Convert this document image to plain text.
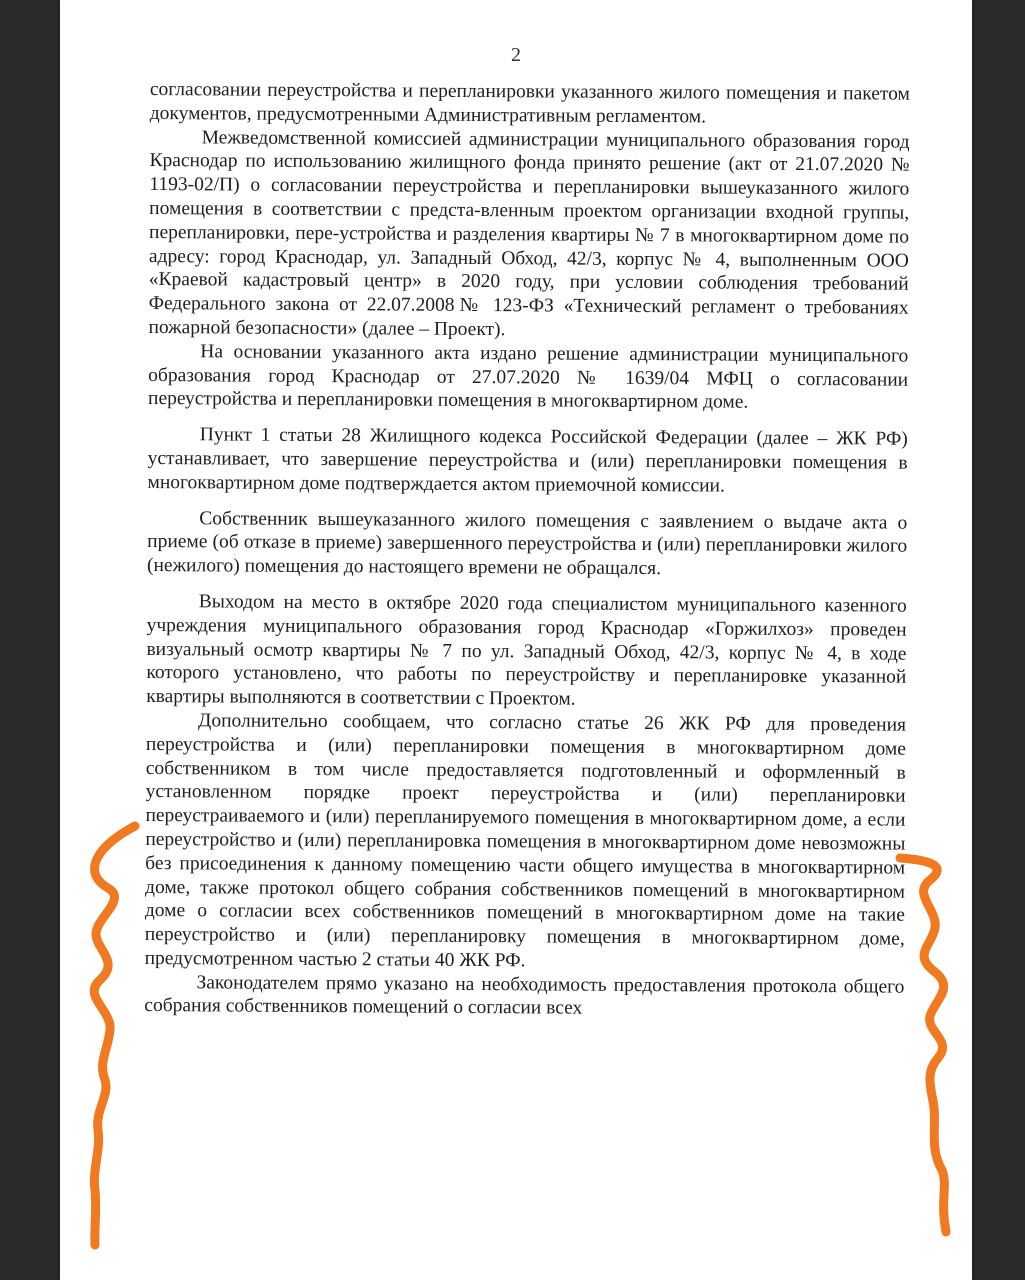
2

согласовании переустройства и перепланировки указанного жилого помещения и пакетом документов, предусмотренными Административным регламентом.

Межведомственной комиссией администрации муниципального образования город Краснодар по использованию жилищного фонда принято решение (акт от 21.07.2020 № 1193-02/П) о согласовании переустройства и перепланировки вышеуказанного жилого помещения в соответствии с предста-вленным проектом организации входной группы, перепланировки, пере-устройства и разделения квартиры № 7 в многоквартирном доме по адресу: город Краснодар, ул. Западный Обход, 42/3, корпус № 4, выполненным ООО «Краевой кадастровый центр» в 2020 году, при условии соблюдения требований Федерального закона от 22.07.2008№ 123-ФЗ «Технический регламент о требованиях пожарной безопасности» (далее – Проект).

На основании указанного акта издано решение администрации муниципального образования город Краснодар от 27.07.2020 № 1639/04 МФЦ о согласовании переустройства и перепланировки помещения в многоквартирном доме.

Пункт 1 статьи 28 Жилищного кодекса Российской Федерации (далее – ЖК РФ) устанавливает, что завершение переустройства и (или) перепланировки помещения в многоквартирном доме подтверждается актом приемочной комиссии.

Собственник вышеуказанного жилого помещения с заявлением о выдаче акта о приеме (об отказе в приеме) завершенного переустройства и (или) перепланировки жилого (нежилого) помещения до настоящего времени не обращался.

Выходом на место в октябре 2020 года специалистом муниципального казенного учреждения муниципального образования город Краснодар «Горжилхоз» проведен визуальный осмотр квартиры № 7 по ул. Западный Обход, 42/3, корпус № 4, в ходе которого установлено, что работы по переустройству и перепланировке указанной квартиры выполняются в соответствии с Проектом.

Дополнительно сообщаем, что согласно статье 26 ЖК РФ для проведения переустройства и (или) перепланировки помещения в многоквартирном доме собственником в том числе предоставляется подготовленный и оформленный в установленном порядке проект переустройства и (или) перепланировки переустраиваемого и (или) перепланируемого помещения в многоквартирном доме, а если переустройство и (или) перепланировка помещения в многоквартирном доме невозможны без присоединения к данному помещению части общего имущества в многоквартирном доме, также протокол общего собрания собственников помещений в многоквартирном доме о согласии всех собственников помещений в многоквартирном доме на такие переустройство и (или) перепланировку помещения в многоквартирном доме, предусмотренном частью 2 статьи 40 ЖК РФ.

Законодателем прямо указано на необходимость предоставления протокола общего собрания собственников помещений о согласии всех
